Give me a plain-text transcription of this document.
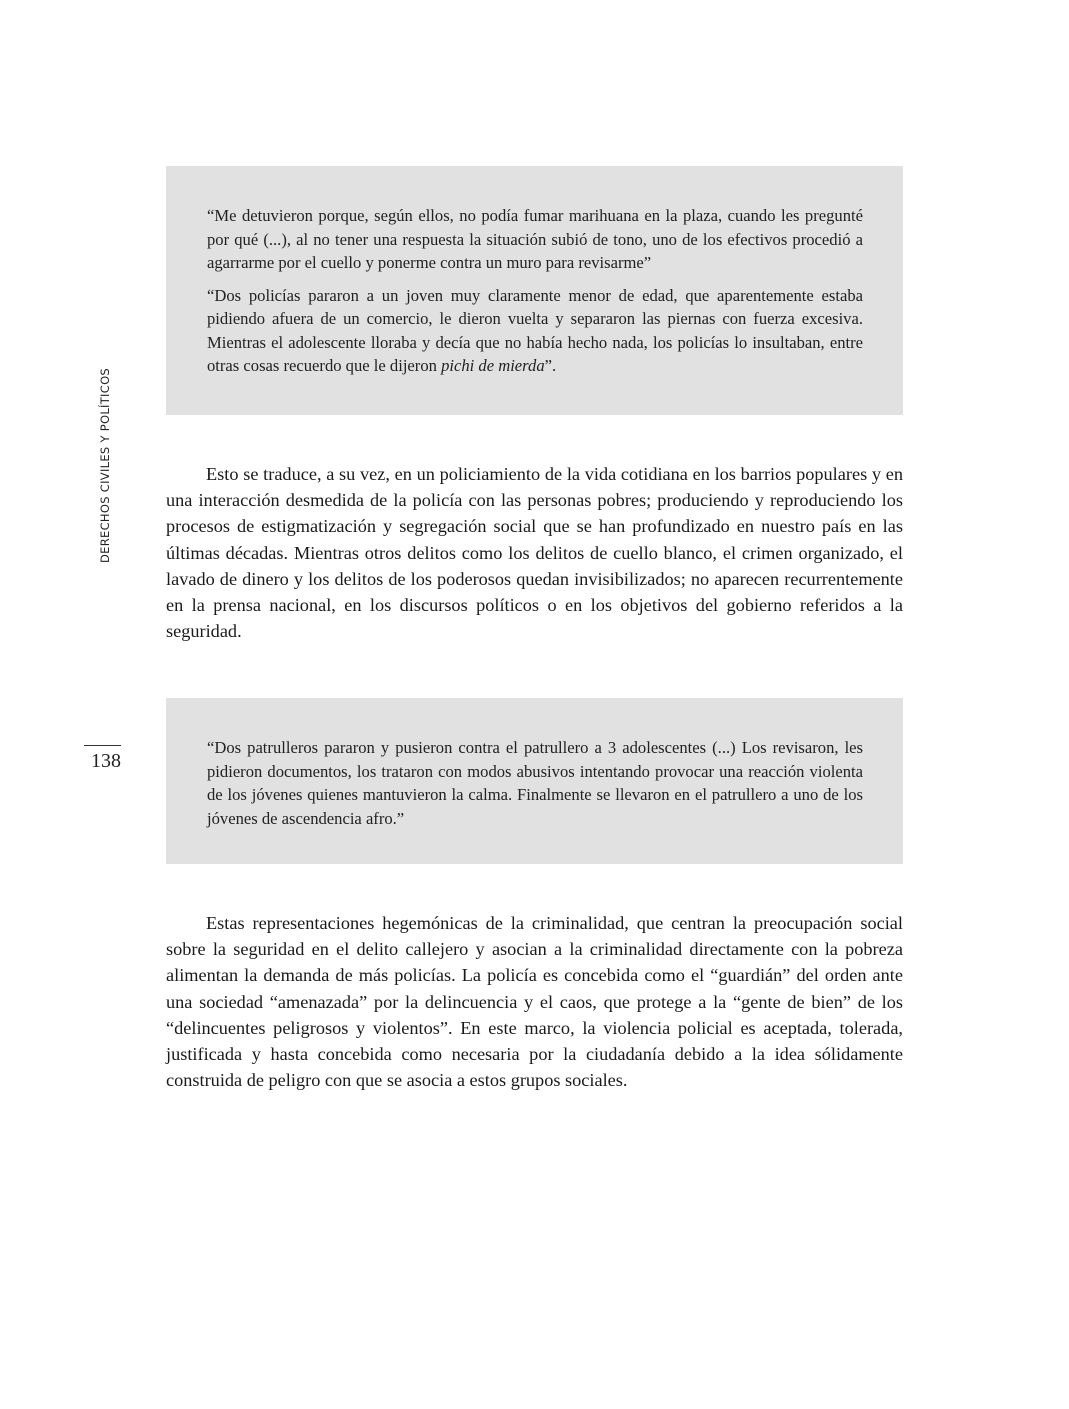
DERECHOS CIVILES Y POLÍTICOS
138

“Me detuvieron porque, según ellos, no podía fumar marihuana en la plaza, cuando les pregunté por qué (...), al no tener una respuesta la situación subió de tono, uno de los efectivos procedió a agarrarme por el cuello y ponerme contra un muro para revisarme”

“Dos policías pararon a un joven muy claramente menor de edad, que aparentemente estaba pidiendo afuera de un comercio, le dieron vuelta y separaron las piernas con fuerza excesiva. Mientras el adolescente lloraba y decía que no había hecho nada, los policías lo insultaban, entre otras cosas recuerdo que le dijeron pichi de mierda”.

Esto se traduce, a su vez, en un policiamiento de la vida cotidiana en los barrios populares y en una interacción desmedida de la policía con las personas pobres; produciendo y reproduciendo los procesos de estigmatización y segregación social que se han profundizado en nuestro país en las últimas décadas. Mientras otros delitos como los delitos de cuello blanco, el crimen organizado, el lavado de dinero y los delitos de los poderosos quedan invisibilizados; no aparecen recurrentemente en la prensa nacional, en los discursos políticos o en los objetivos del gobierno referidos a la seguridad.

“Dos patrulleros pararon y pusieron contra el patrullero a 3 adolescentes (...) Los revisaron, les pidieron documentos, los trataron con modos abusivos intentando provocar una reacción violenta de los jóvenes quienes mantuvieron la calma. Finalmente se llevaron en el patrullero a uno de los jóvenes de ascendencia afro.”

Estas representaciones hegemónicas de la criminalidad, que centran la preocupación social sobre la seguridad en el delito callejero y asocian a la criminalidad directamente con la pobreza alimentan la demanda de más policías. La policía es concebida como el “guardián” del orden ante una sociedad “amenazada” por la delincuencia y el caos, que protege a la “gente de bien” de los “delincuentes peligrosos y violentos”. En este marco, la violencia policial es aceptada, tolerada, justificada y hasta concebida como necesaria por la ciudadanía debido a la idea sólidamente construida de peligro con que se asocia a estos grupos sociales.
